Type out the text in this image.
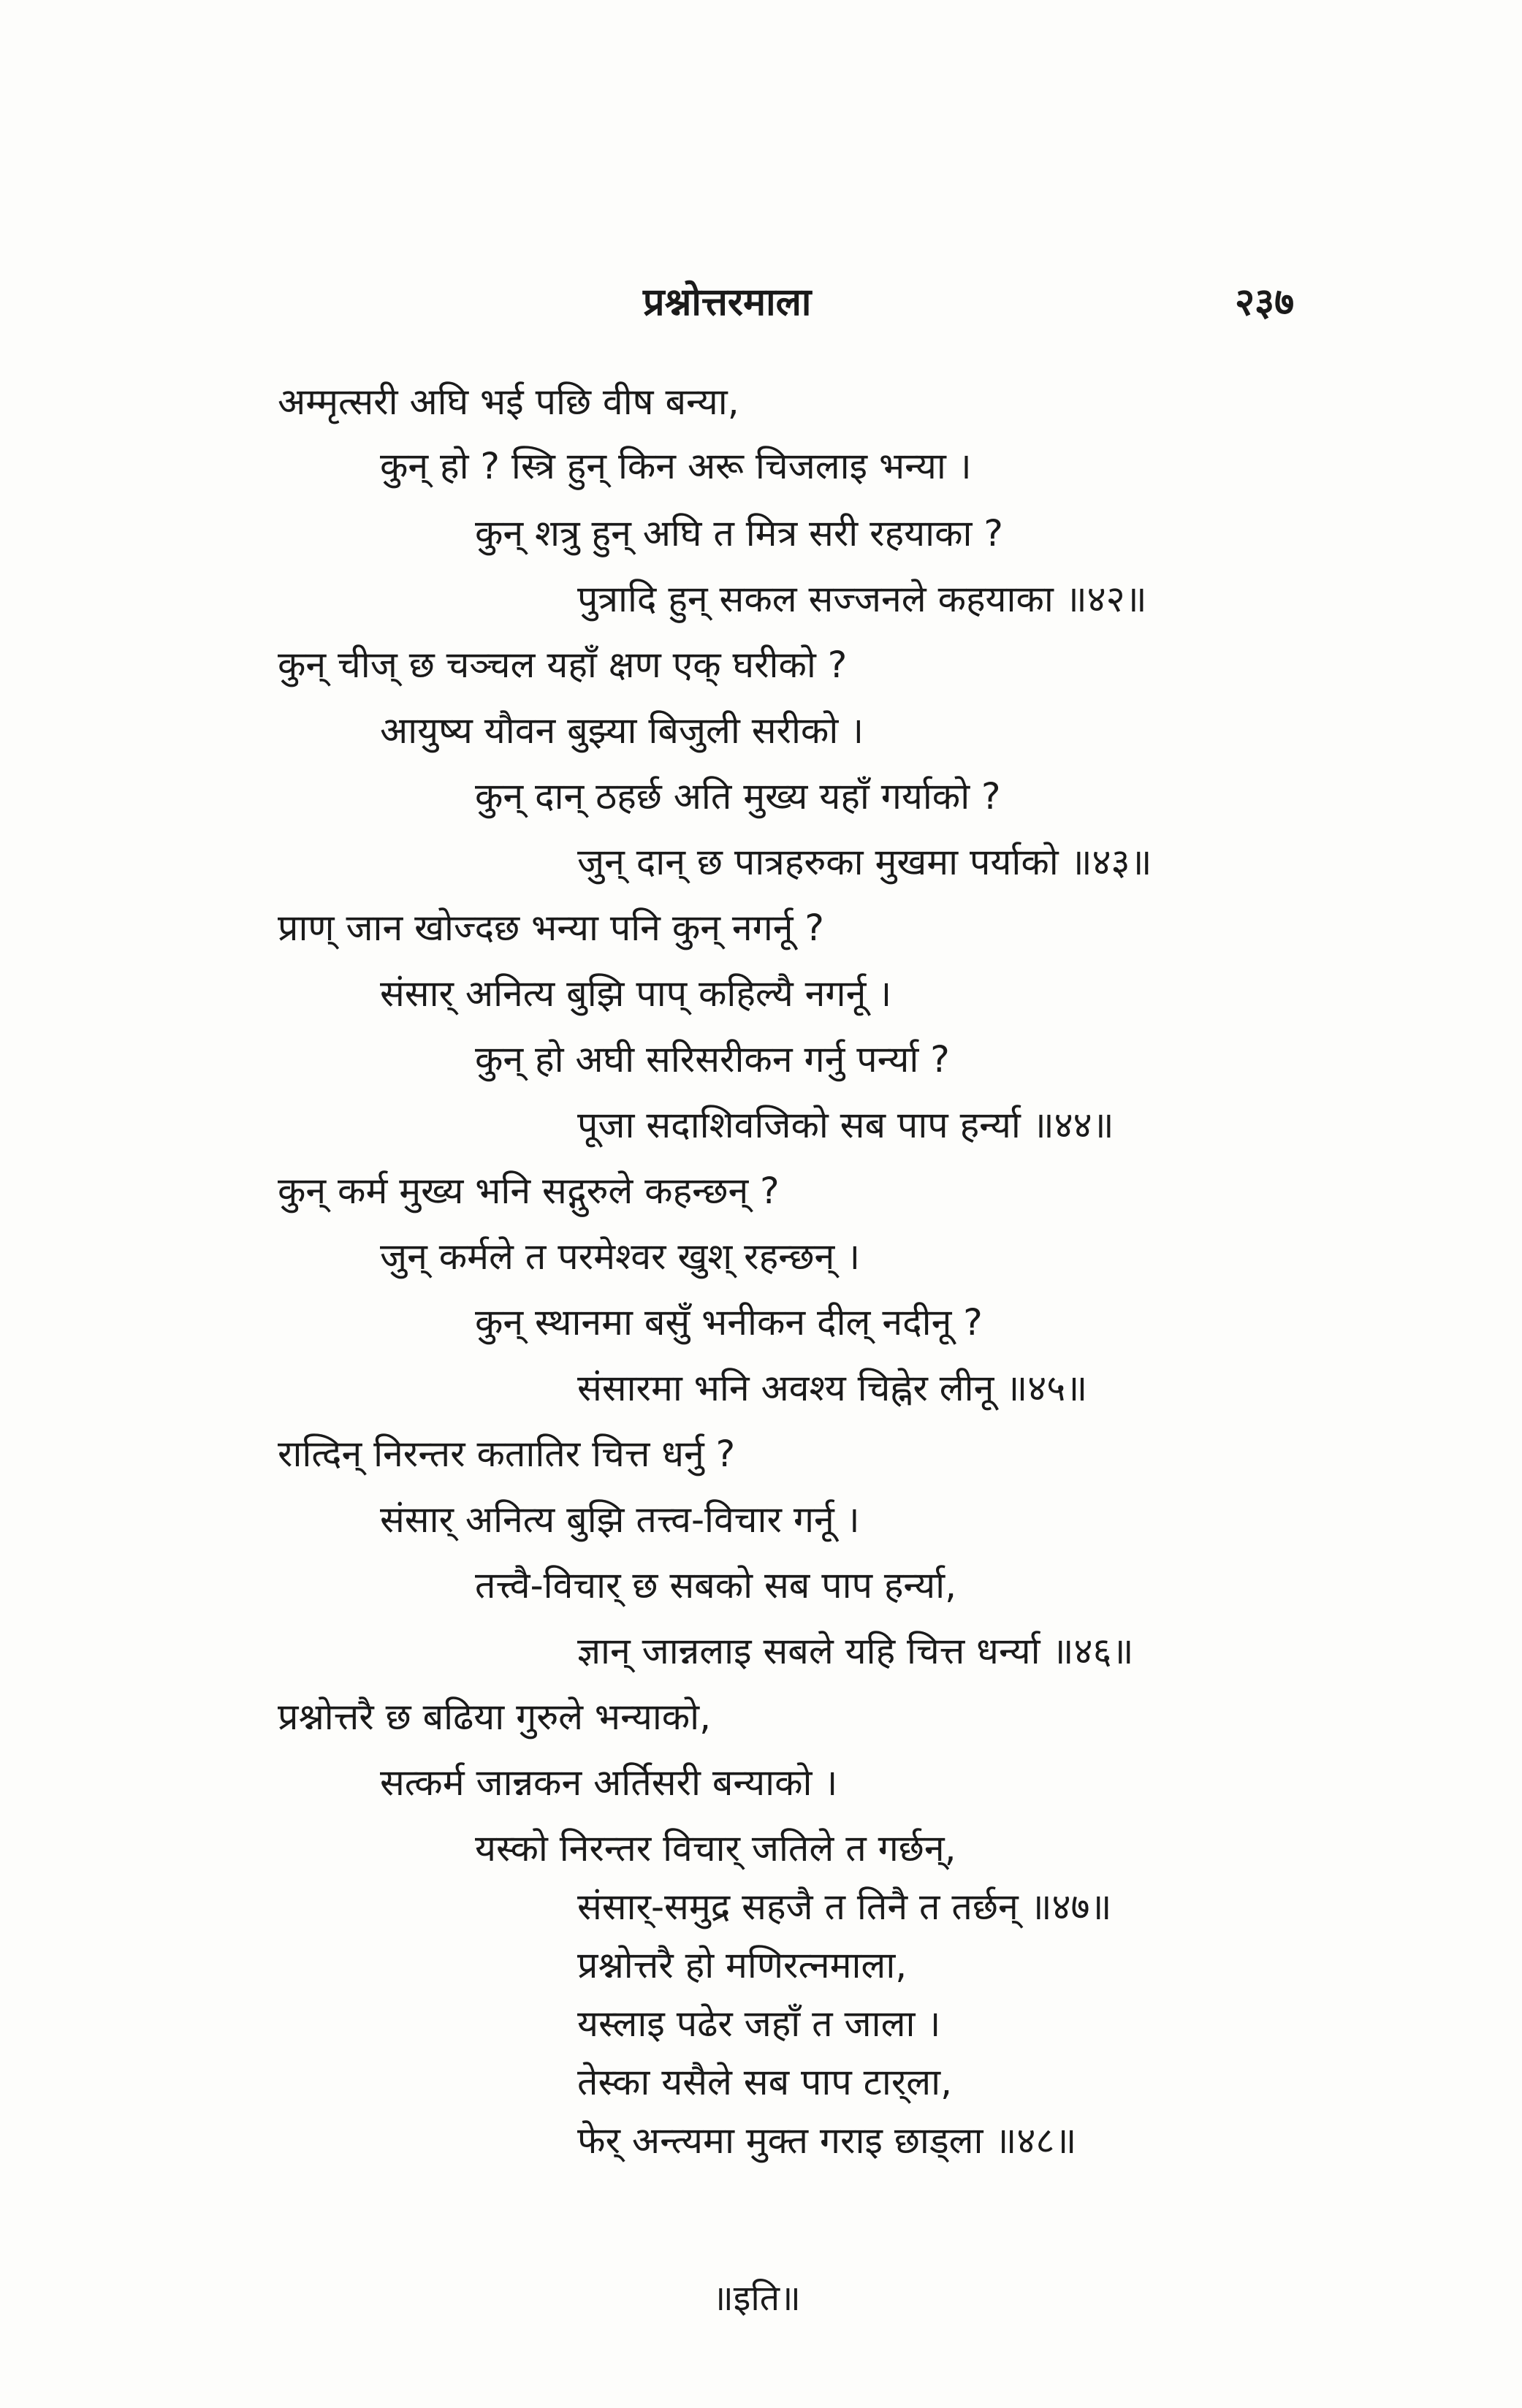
प्रश्नोत्तरमाला	२३७
अम्मृत्सरी अघि भई पछि वीष बन्या,
कुन् हो ? स्त्रि हुन् किन अरू चिजलाइ भन्या ।
कुन् शत्रु हुन् अघि त मित्र सरी रहयाका ?
पुत्रादि हुन् सकल सज्जनले कहयाका ॥४२॥
कुन् चीज् छ चञ्चल यहाँ क्षण एक् घरीको ?
आयुष्य यौवन बुझ्या बिजुली सरीको ।
कुन् दान् ठहर्छ अति मुख्य यहाँ गर्याको ?
जुन् दान् छ पात्रहरुका मुखमा पर्याको ॥४३॥
प्राण् जान खोज्दछ भन्या पनि कुन् नगर्नू ?
संसार् अनित्य बुझि पाप् कहिल्यै नगर्नू ।
कुन् हो अघी सरिसरीकन गर्नु पर्न्या ?
पूजा सदाशिवजिको सब पाप हर्न्या ॥४४॥
कुन् कर्म मुख्य भनि सद्गुरुले कहन्छन् ?
जुन् कर्मले त परमेश्वर खुश् रहन्छन् ।
कुन् स्थानमा बसुँ भनीकन दील् नदीनू ?
संसारमा भनि अवश्य चिह्नेर लीनू ॥४५॥
रात्दिन् निरन्तर कतातिर चित्त धर्नु ?
संसार् अनित्य बुझि तत्त्व-विचार गर्नू ।
तत्त्वै-विचार् छ सबको सब पाप हर्न्या,
ज्ञान् जान्नलाइ सबले यहि चित्त धर्न्या ॥४६॥
प्रश्नोत्तरै छ बढिया गुरुले भन्याको,
सत्कर्म जान्नकन अर्तिसरी बन्याको ।
यस्को निरन्तर विचार् जतिले त गर्छन्,
संसार्-समुद्र सहजै त तिनै त तर्छन् ॥४७॥
प्रश्नोत्तरै हो मणिरत्नमाला,
यस्लाइ पढेर जहाँ त जाला ।
तेस्का यसैले सब पाप टार्‌ला,
फेर् अन्त्यमा मुक्त गराइ छाड्‌ला ॥४८॥
॥इति॥
